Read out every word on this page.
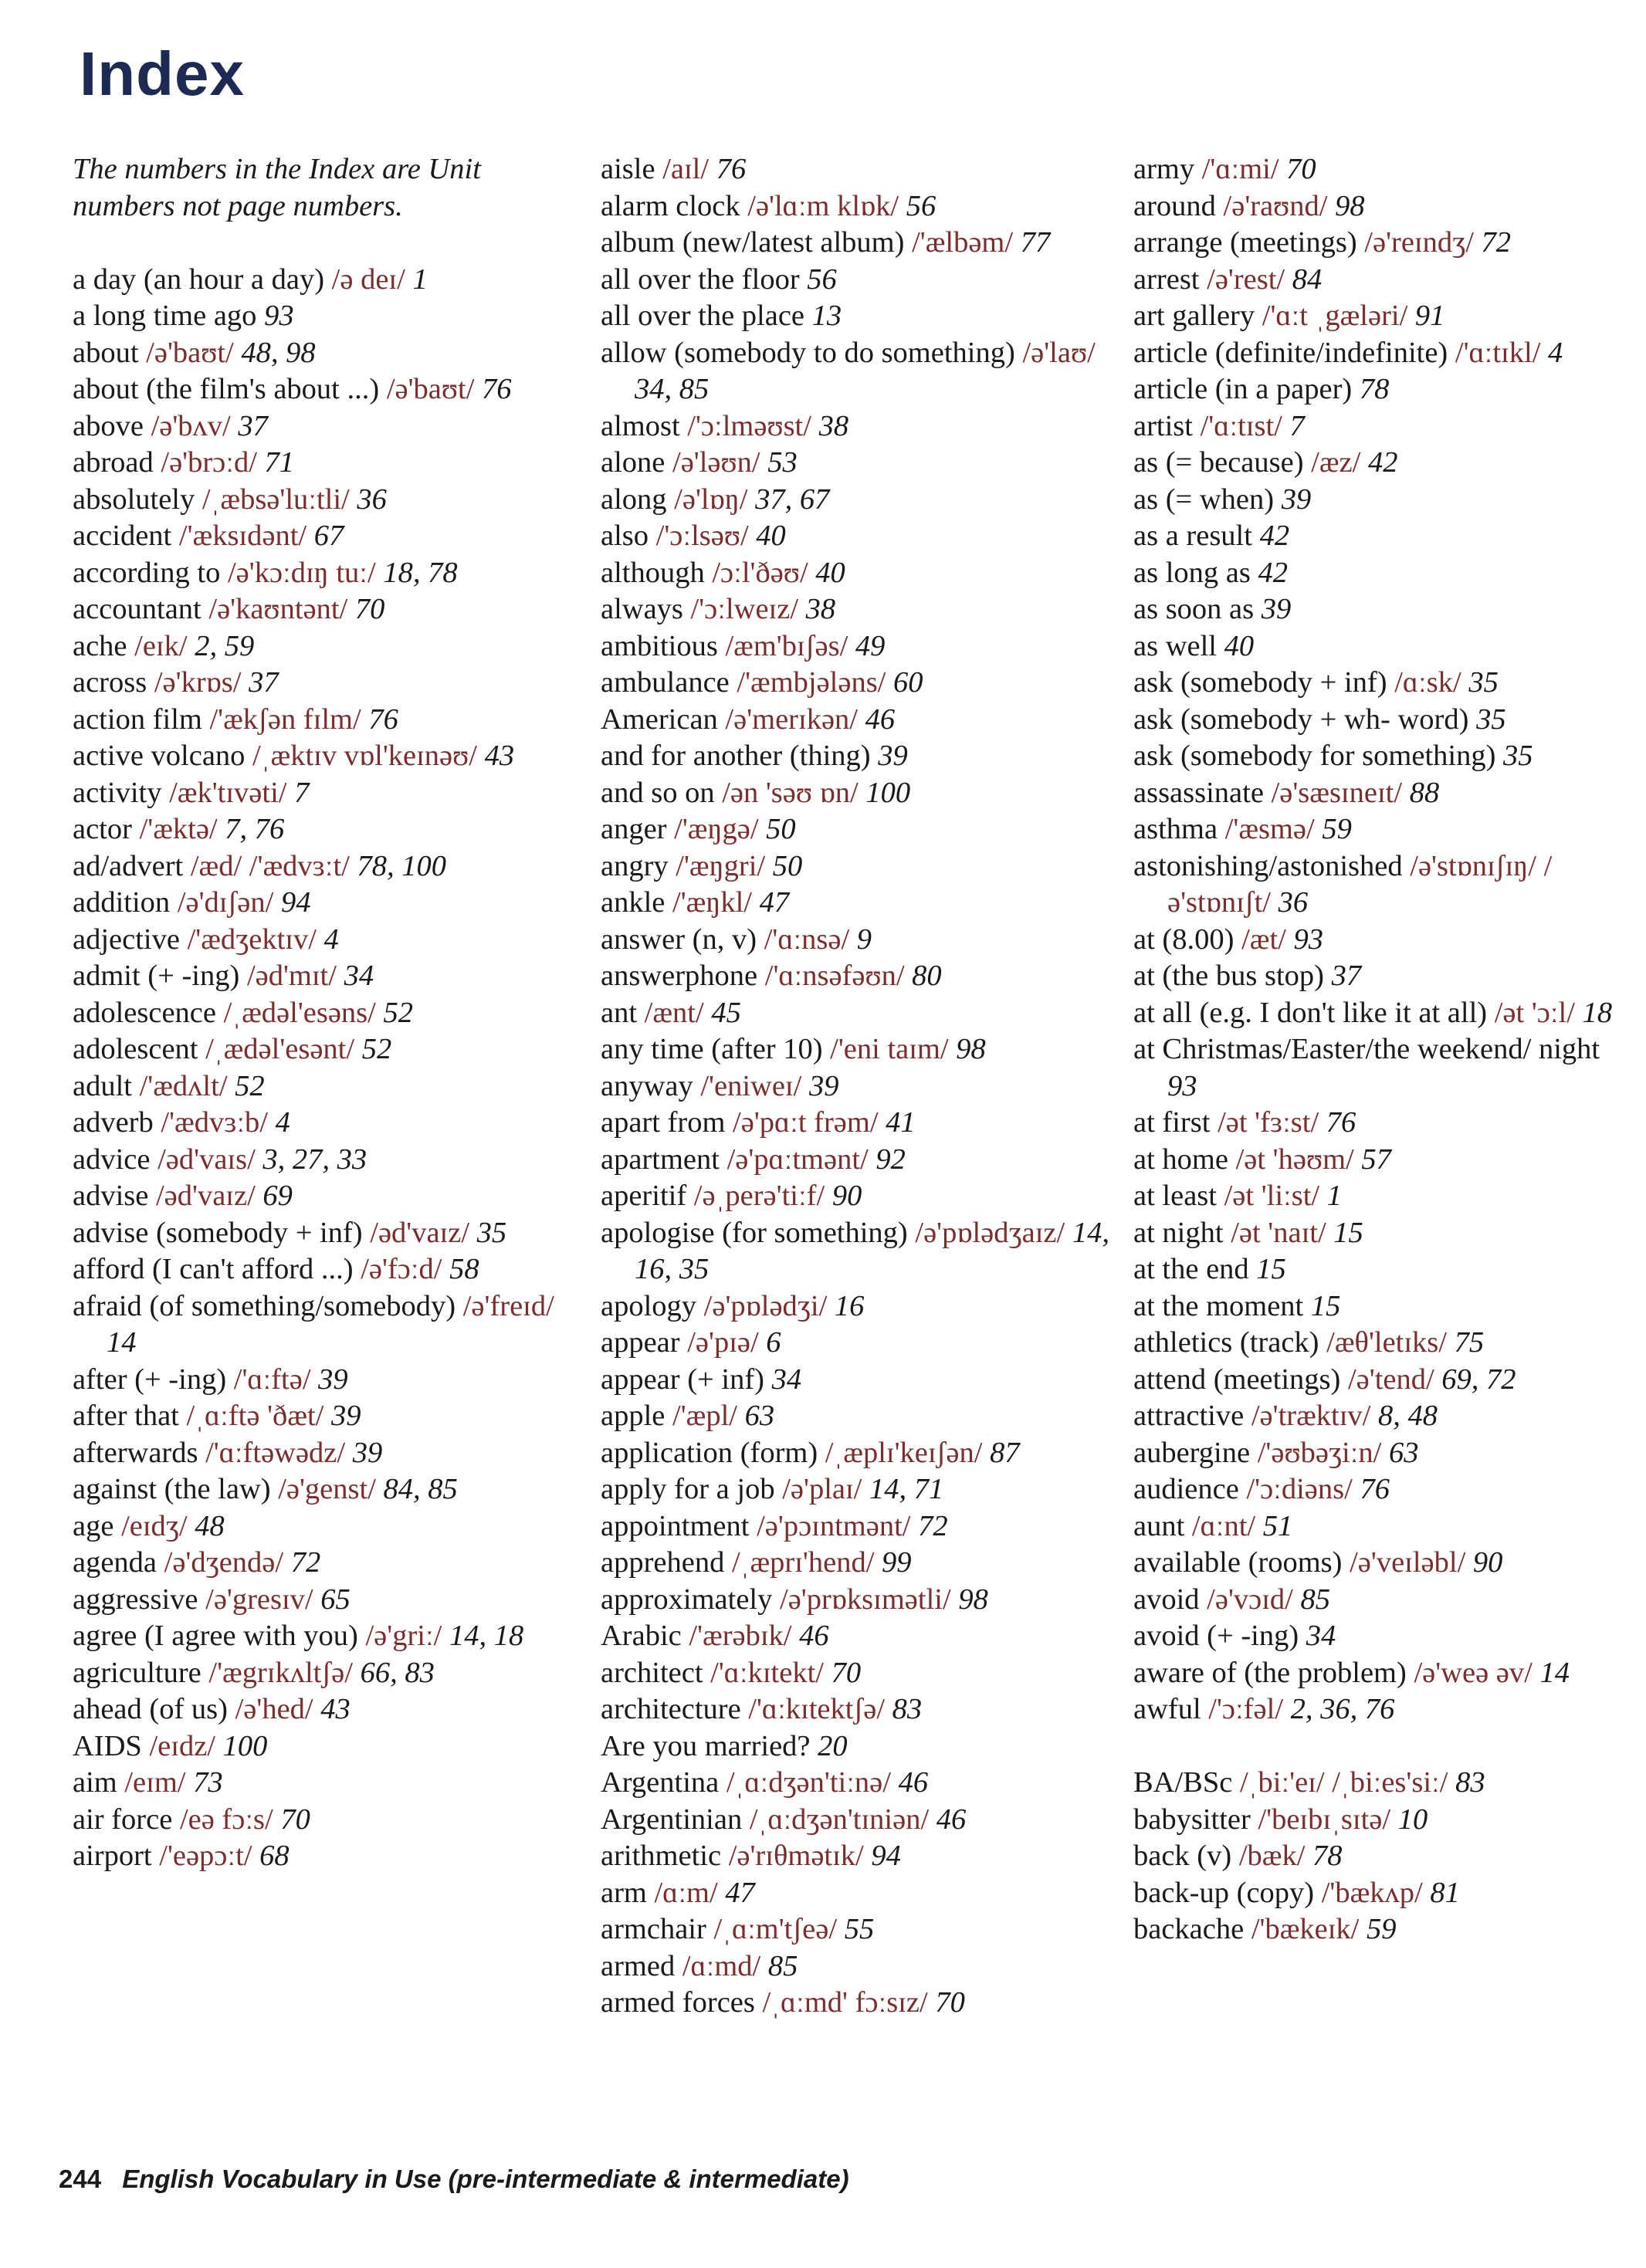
Index

The numbers in the Index are Unit numbers not page numbers.

a day (an hour a day) /ə deɪ/ 1
a long time ago 93
about /ə'baʊt/ 48, 98
about (the film's about ...) /ə'baʊt/ 76
above /ə'bʌv/ 37
abroad /ə'brɔːd/ 71
absolutely /ˌæbsə'luːtli/ 36
accident /'æksɪdənt/ 67
according to /ə'kɔːdɪŋ tuː/ 18, 78
accountant /ə'kaʊntənt/ 70
ache /eɪk/ 2, 59
across /ə'krɒs/ 37
action film /'ækʃən fɪlm/ 76
active volcano /ˌæktɪv vɒl'keɪnəʊ/ 43
activity /æk'tɪvəti/ 7
actor /'æktə/ 7, 76
ad/advert /æd/ /'ædvɜːt/ 78, 100
addition /ə'dɪʃən/ 94
adjective /'ædʒektɪv/ 4
admit (+ -ing) /əd'mɪt/ 34
adolescence /ˌædəl'esəns/ 52
adolescent /ˌædəl'esənt/ 52
adult /'ædʌlt/ 52
adverb /'ædvɜːb/ 4
advice /əd'vaɪs/ 3, 27, 33
advise /əd'vaɪz/ 69
advise (somebody + inf) /əd'vaɪz/ 35
afford (I can't afford ...) /ə'fɔːd/ 58
afraid (of something/somebody) /ə'freɪd/ 14
after (+ -ing) /'ɑːftə/ 39
after that /ˌɑːftə 'ðæt/ 39
afterwards /'ɑːftəwədz/ 39
against (the law) /ə'genst/ 84, 85
age /eɪdʒ/ 48
agenda /ə'dʒendə/ 72
aggressive /ə'gresɪv/ 65
agree (I agree with you) /ə'griː/ 14, 18
agriculture /'ægrɪkʌltʃə/ 66, 83
ahead (of us) /ə'hed/ 43
AIDS /eɪdz/ 100
aim /eɪm/ 73
air force /eə fɔːs/ 70
airport /'eəpɔːt/ 68
aisle /aɪl/ 76
alarm clock /ə'lɑːm klɒk/ 56
album (new/latest album) /'ælbəm/ 77
all over the floor 56
all over the place 13
allow (somebody to do something) /ə'laʊ/ 34, 85
almost /'ɔːlməʊst/ 38
alone /ə'ləʊn/ 53
along /ə'lɒŋ/ 37, 67
also /'ɔːlsəʊ/ 40
although /ɔːl'ðəʊ/ 40
always /'ɔːlweɪz/ 38
ambitious /æm'bɪʃəs/ 49
ambulance /'æmbjələns/ 60
American /ə'merɪkən/ 46
and for another (thing) 39
and so on /ən 'səʊ ɒn/ 100
anger /'æŋgə/ 50
angry /'æŋgri/ 50
ankle /'æŋkl/ 47
answer (n, v) /'ɑːnsə/ 9
answerphone /'ɑːnsəfəʊn/ 80
ant /ænt/ 45
any time (after 10) /'eni taɪm/ 98
anyway /'eniweɪ/ 39
apart from /ə'pɑːt frəm/ 41
apartment /ə'pɑːtmənt/ 92
aperitif /əˌperə'tiːf/ 90
apologise (for something) /ə'pɒlədʒaɪz/ 14, 16, 35
apology /ə'pɒlədʒi/ 16
appear /ə'pɪə/ 6
appear (+ inf) 34
apple /'æpl/ 63
application (form) /ˌæplɪ'keɪʃən/ 87
apply for a job /ə'plaɪ/ 14, 71
appointment /ə'pɔɪntmənt/ 72
apprehend /ˌæprɪ'hend/ 99
approximately /ə'prɒksɪmətli/ 98
Arabic /'ærəbɪk/ 46
architect /'ɑːkɪtekt/ 70
architecture /'ɑːkɪtektʃə/ 83
Are you married? 20
Argentina /ˌɑːdʒən'tiːnə/ 46
Argentinian /ˌɑːdʒən'tɪniən/ 46
arithmetic /ə'rɪθmətɪk/ 94
arm /ɑːm/ 47
armchair /ˌɑːm'tʃeə/ 55
armed /ɑːmd/ 85
armed forces /ˌɑːmd' fɔːsɪz/ 70
army /'ɑːmi/ 70
around /ə'raʊnd/ 98
arrange (meetings) /ə'reɪndʒ/ 72
arrest /ə'rest/ 84
art gallery /'ɑːt ˌgæləri/ 91
article (definite/indefinite) /'ɑːtɪkl/ 4
article (in a paper) 78
artist /'ɑːtɪst/ 7
as (= because) /æz/ 42
as (= when) 39
as a result 42
as long as 42
as soon as 39
as well 40
ask (somebody + inf) /ɑːsk/ 35
ask (somebody + wh- word) 35
ask (somebody for something) 35
assassinate /ə'sæsɪneɪt/ 88
asthma /'æsmə/ 59
astonishing/astonished /ə'stɒnɪʃɪŋ/ /ə'stɒnɪʃt/ 36
at (8.00) /æt/ 93
at (the bus stop) 37
at all (e.g. I don't like it at all) /ət 'ɔːl/ 18
at Christmas/Easter/the weekend/ night 93
at first /ət 'fɜːst/ 76
at home /ət 'həʊm/ 57
at least /ət 'liːst/ 1
at night /ət 'naɪt/ 15
at the end 15
at the moment 15
athletics (track) /æθ'letɪks/ 75
attend (meetings) /ə'tend/ 69, 72
attractive /ə'træktɪv/ 8, 48
aubergine /'əʊbəʒiːn/ 63
audience /'ɔːdiəns/ 76
aunt /ɑːnt/ 51
available (rooms) /ə'veɪləbl/ 90
avoid /ə'vɔɪd/ 85
avoid (+ -ing) 34
aware of (the problem) /ə'weə əv/ 14
awful /'ɔːfəl/ 2, 36, 76
BA/BSc /ˌbiː'eɪ/ /ˌbiːes'siː/ 83
babysitter /'beɪbɪˌsɪtə/ 10
back (v) /bæk/ 78
back-up (copy) /'bækʌp/ 81
backache /'bækeɪk/ 59
244 English Vocabulary in Use (pre-intermediate & intermediate)
